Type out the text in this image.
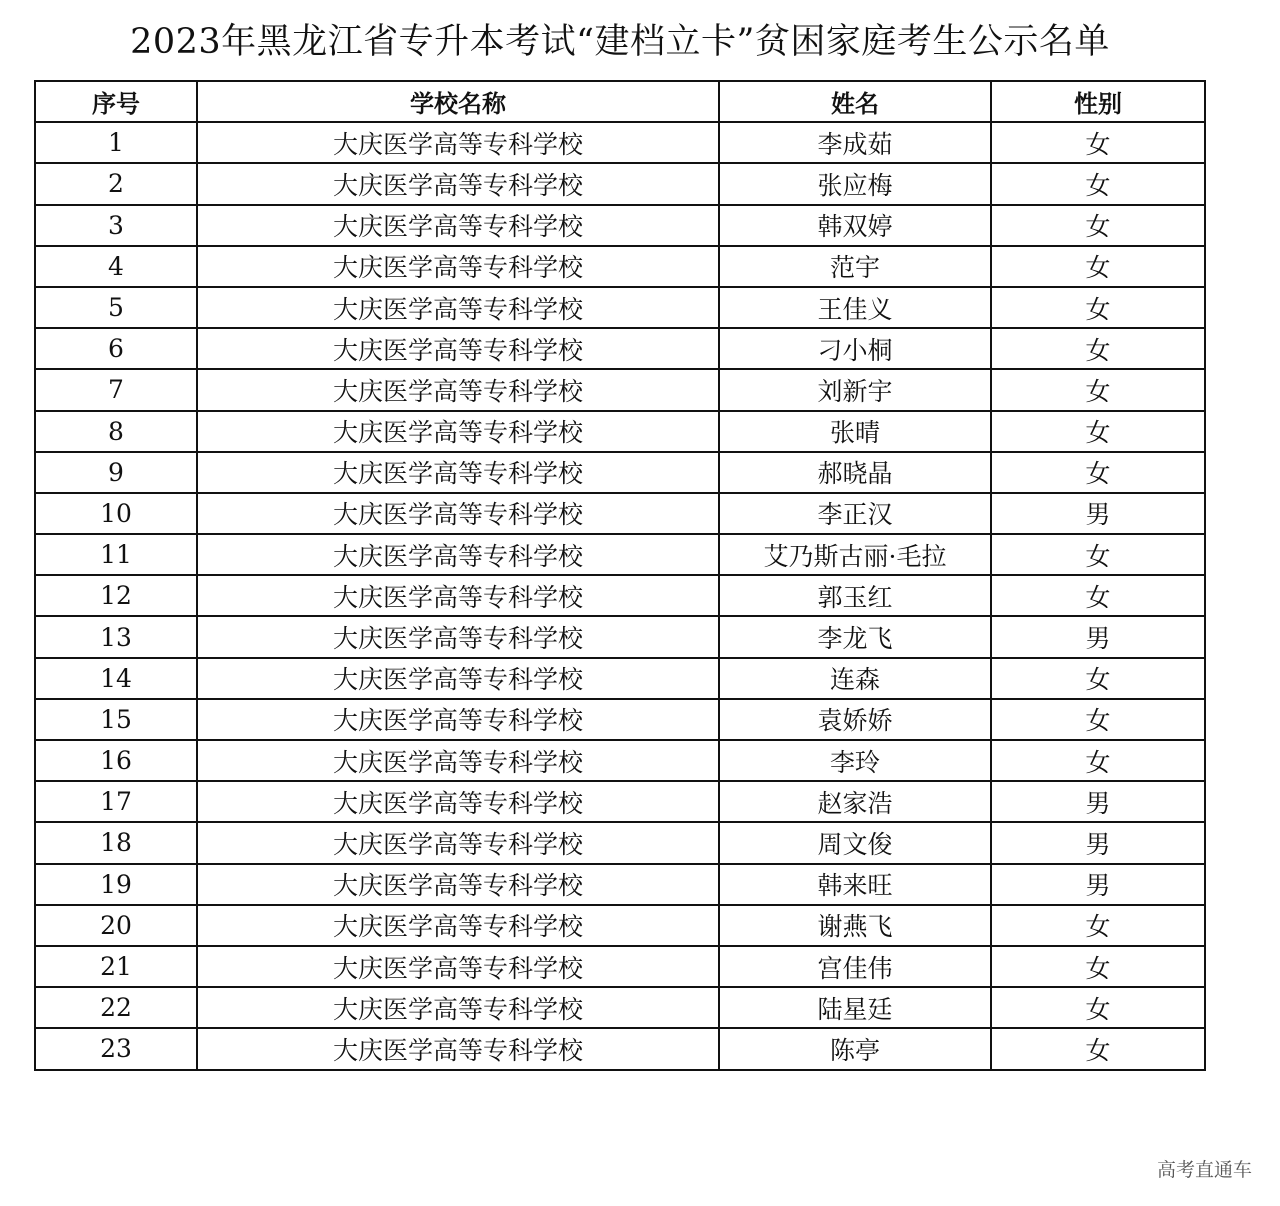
2023年黑龙江省专升本考试“建档立卡”贫困家庭考生公示名单
序号	学校名称	姓名	性别
1	大庆医学高等专科学校	李成茹	女
2	大庆医学高等专科学校	张应梅	女
3	大庆医学高等专科学校	韩双婷	女
4	大庆医学高等专科学校	范宇	女
5	大庆医学高等专科学校	王佳义	女
6	大庆医学高等专科学校	刁小桐	女
7	大庆医学高等专科学校	刘新宇	女
8	大庆医学高等专科学校	张晴	女
9	大庆医学高等专科学校	郝晓晶	女
10	大庆医学高等专科学校	李正汉	男
11	大庆医学高等专科学校	艾乃斯古丽·毛拉	女
12	大庆医学高等专科学校	郭玉红	女
13	大庆医学高等专科学校	李龙飞	男
14	大庆医学高等专科学校	连森	女
15	大庆医学高等专科学校	袁娇娇	女
16	大庆医学高等专科学校	李玲	女
17	大庆医学高等专科学校	赵家浩	男
18	大庆医学高等专科学校	周文俊	男
19	大庆医学高等专科学校	韩来旺	男
20	大庆医学高等专科学校	谢燕飞	女
21	大庆医学高等专科学校	宫佳伟	女
22	大庆医学高等专科学校	陆星廷	女
23	大庆医学高等专科学校	陈亭	女
高考直通车
